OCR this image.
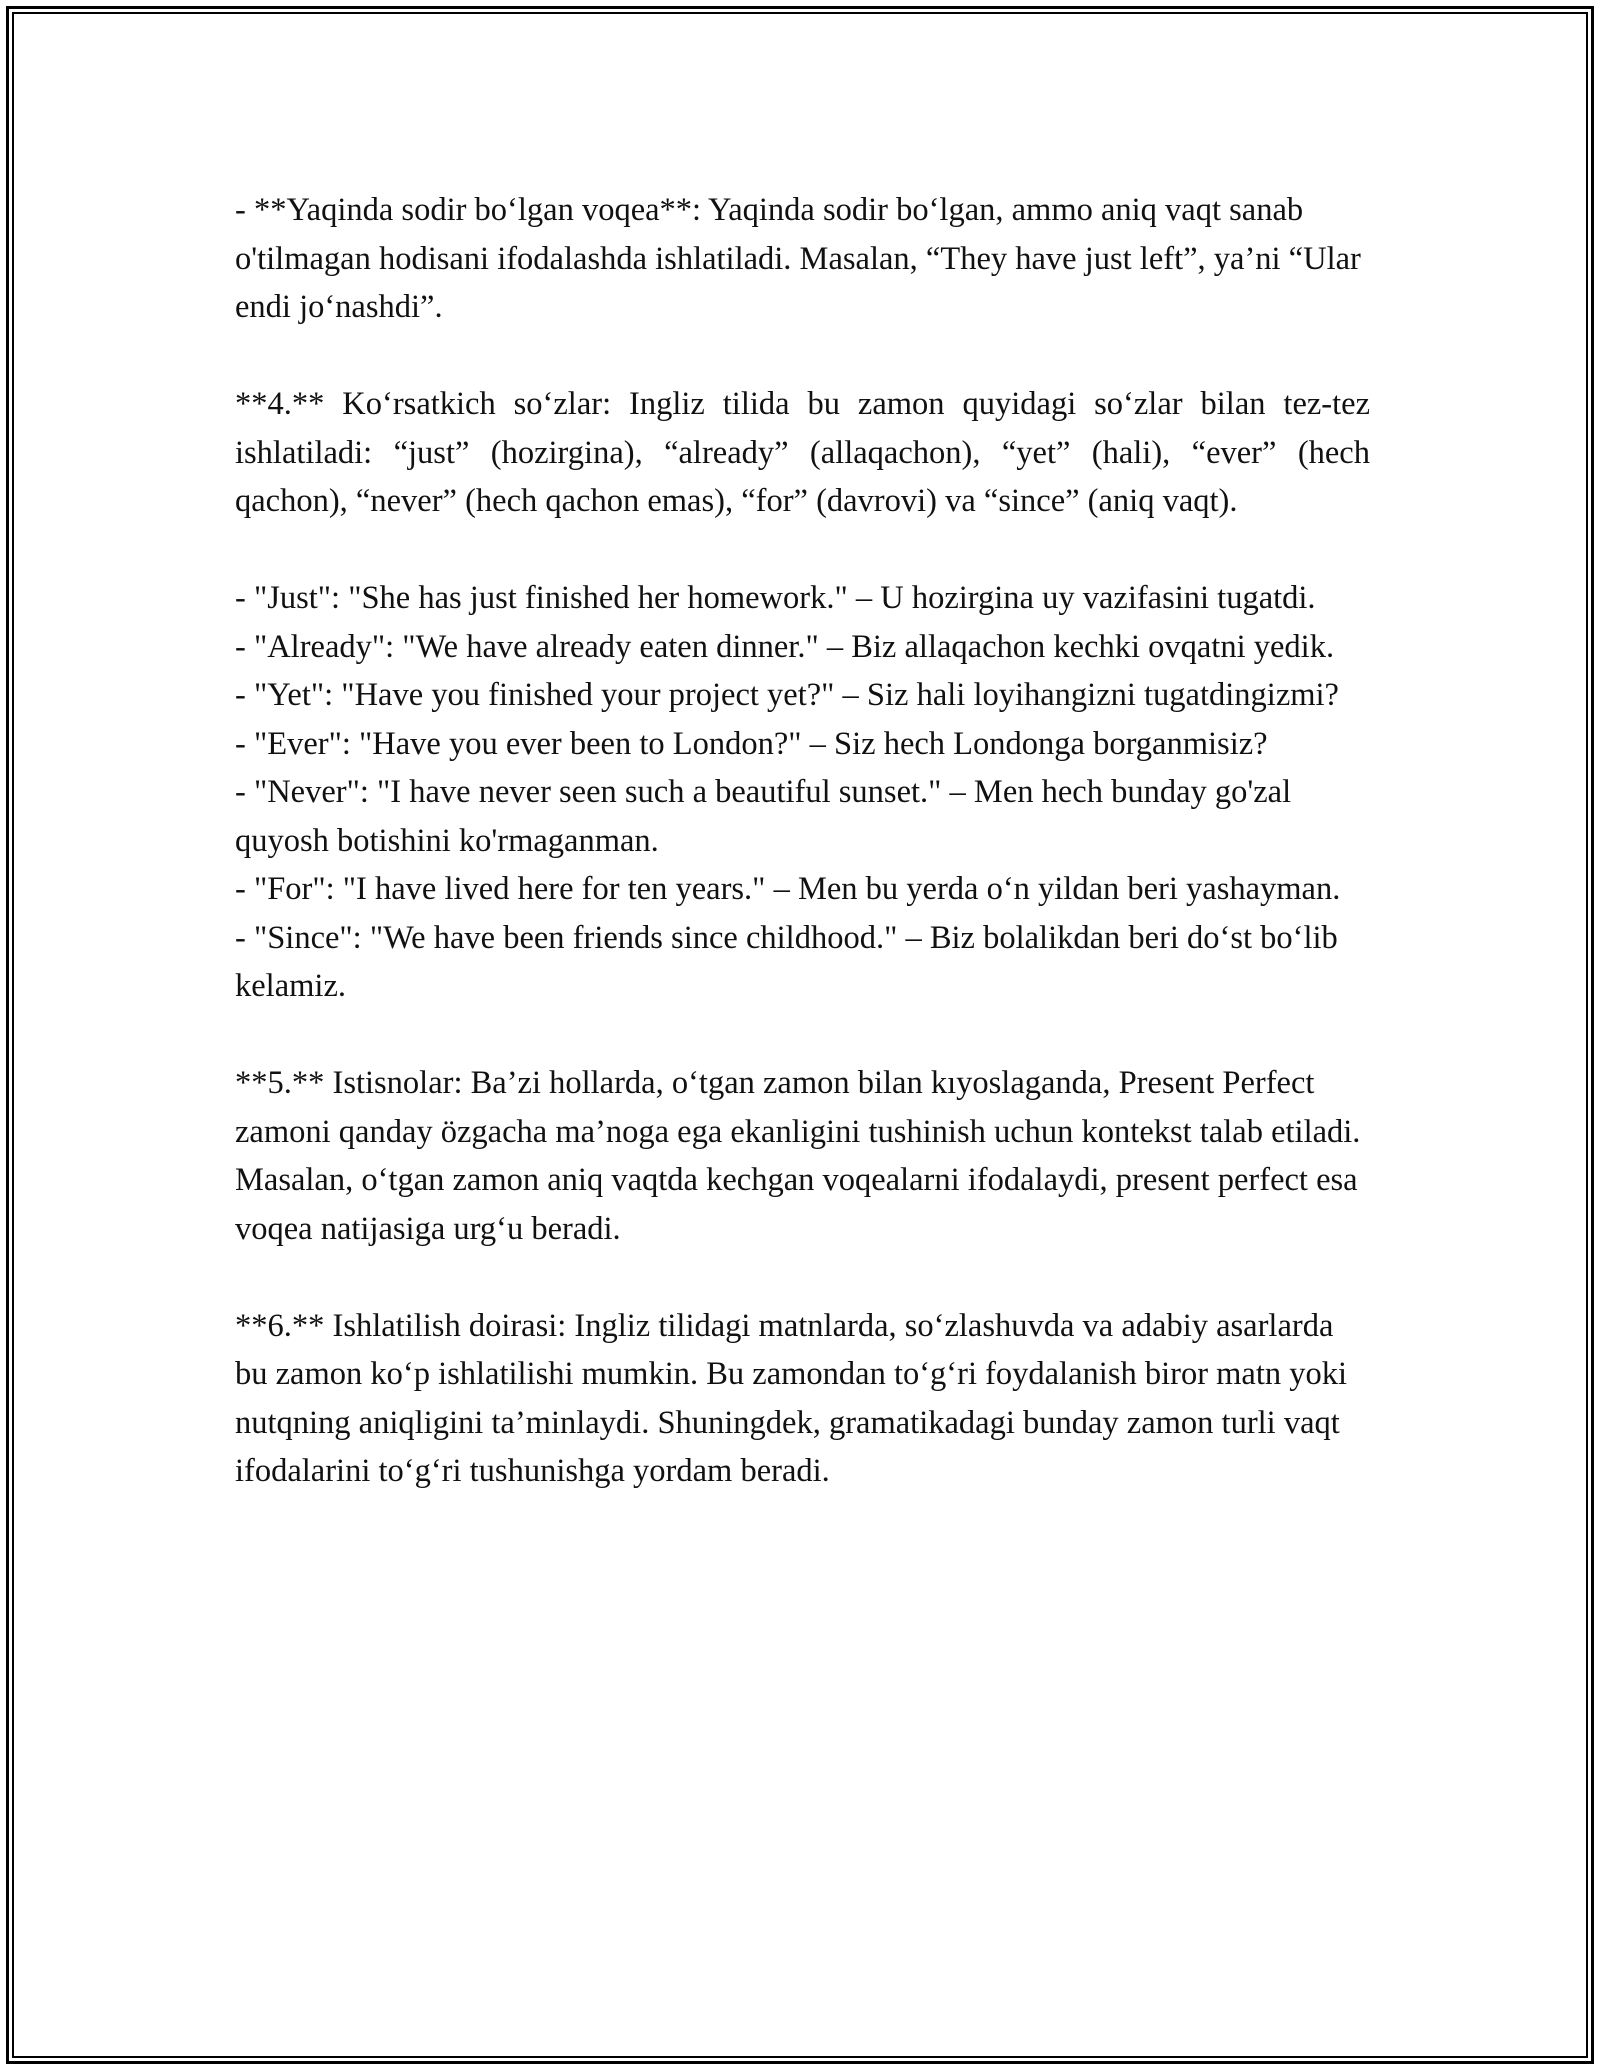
- **Yaqinda sodir bo‘lgan voqea**: Yaqinda sodir bo‘lgan, ammo aniq vaqt sanab o'tilmagan hodisani ifodalashda ishlatiladi. Masalan, “They have just left”, ya’ni “Ular endi jo‘nashdi”.

**4.** Ko‘rsatkich so‘zlar: Ingliz tilida bu zamon quyidagi so‘zlar bilan tez-tez ishlatiladi: “just” (hozirgina), “already” (allaqachon), “yet” (hali), “ever” (hech qachon), “never” (hech qachon emas), “for” (davrovi) va “since” (aniq vaqt).

- "Just": "She has just finished her homework." – U hozirgina uy vazifasini tugatdi.
- "Already": "We have already eaten dinner." – Biz allaqachon kechki ovqatni yedik.
- "Yet": "Have you finished your project yet?" – Siz hali loyihangizni tugatdingizmi?
- "Ever": "Have you ever been to London?" – Siz hech Londonga borganmisiz?
- "Never": "I have never seen such a beautiful sunset." – Men hech bunday go'zal quyosh botishini ko'rmaganman.
- "For": "I have lived here for ten years." – Men bu yerda o‘n yildan beri yashayman.
- "Since": "We have been friends since childhood." – Biz bolalikdan beri do‘st bo‘lib kelamiz.

**5.** Istisnolar: Ba’zi hollarda, o‘tgan zamon bilan kıyoslaganda, Present Perfect zamoni qanday özgacha ma’noga ega ekanligini tushinish uchun kontekst talab etiladi. Masalan, o‘tgan zamon aniq vaqtda kechgan voqealarni ifodalaydi, present perfect esa voqea natijasiga urg‘u beradi.

**6.** Ishlatilish doirasi: Ingliz tilidagi matnlarda, so‘zlashuvda va adabiy asarlarda bu zamon ko‘p ishlatilishi mumkin. Bu zamondan to‘g‘ri foydalanish biror matn yoki nutqning aniqligini ta’minlaydi. Shuningdek, gramatikadagi bunday zamon turli vaqt ifodalarini to‘g‘ri tushunishga yordam beradi.
